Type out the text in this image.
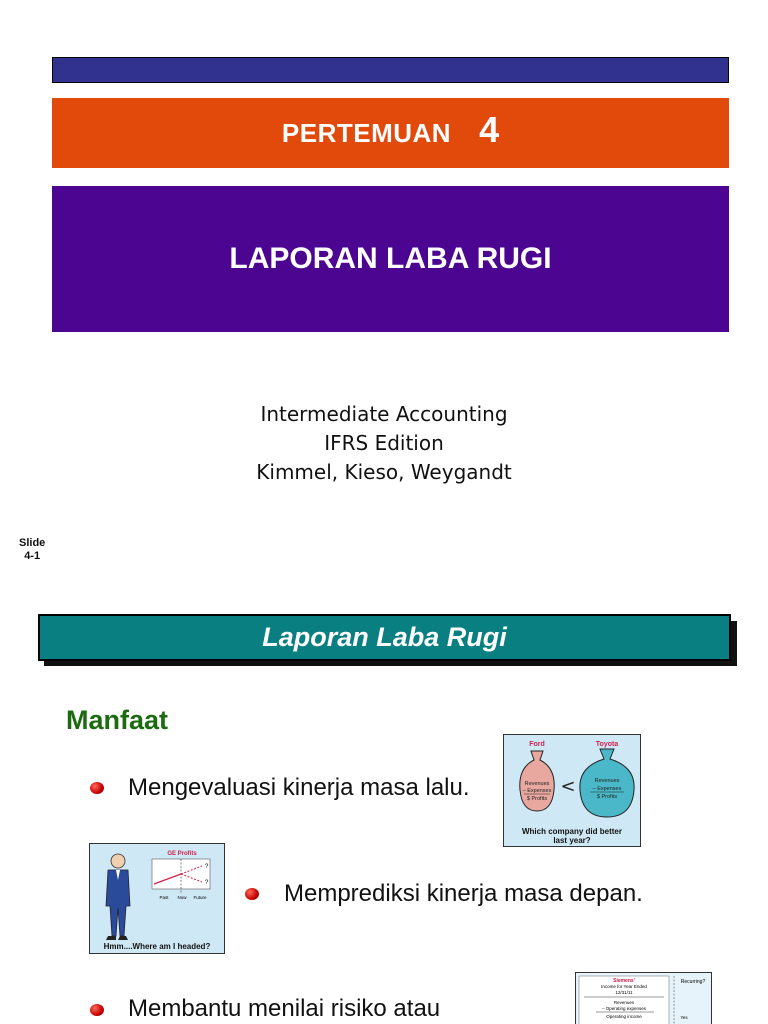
PERTEMUAN 4
LAPORAN LABA RUGI
Intermediate Accounting
IFRS Edition
Kimmel, Kieso, Weygandt
Slide
4-1
Laporan Laba Rugi
Manfaat
Mengevaluasi kinerja masa lalu.
Memprediksi kinerja masa depan.
Membantu menilai risiko atau
Ford	Toyota
Revenues
– Expenses
$ Profits
<	Revenues
– Expenses
$ Profits
Which company did better
last year?
GE Profits
?
?
Past Now Future
Hmm....Where am I headed?
Siemens'
Income for Year Ended
12/31/11
Revenues
– Operating expenses
Operating income
Recurring?
Yes
